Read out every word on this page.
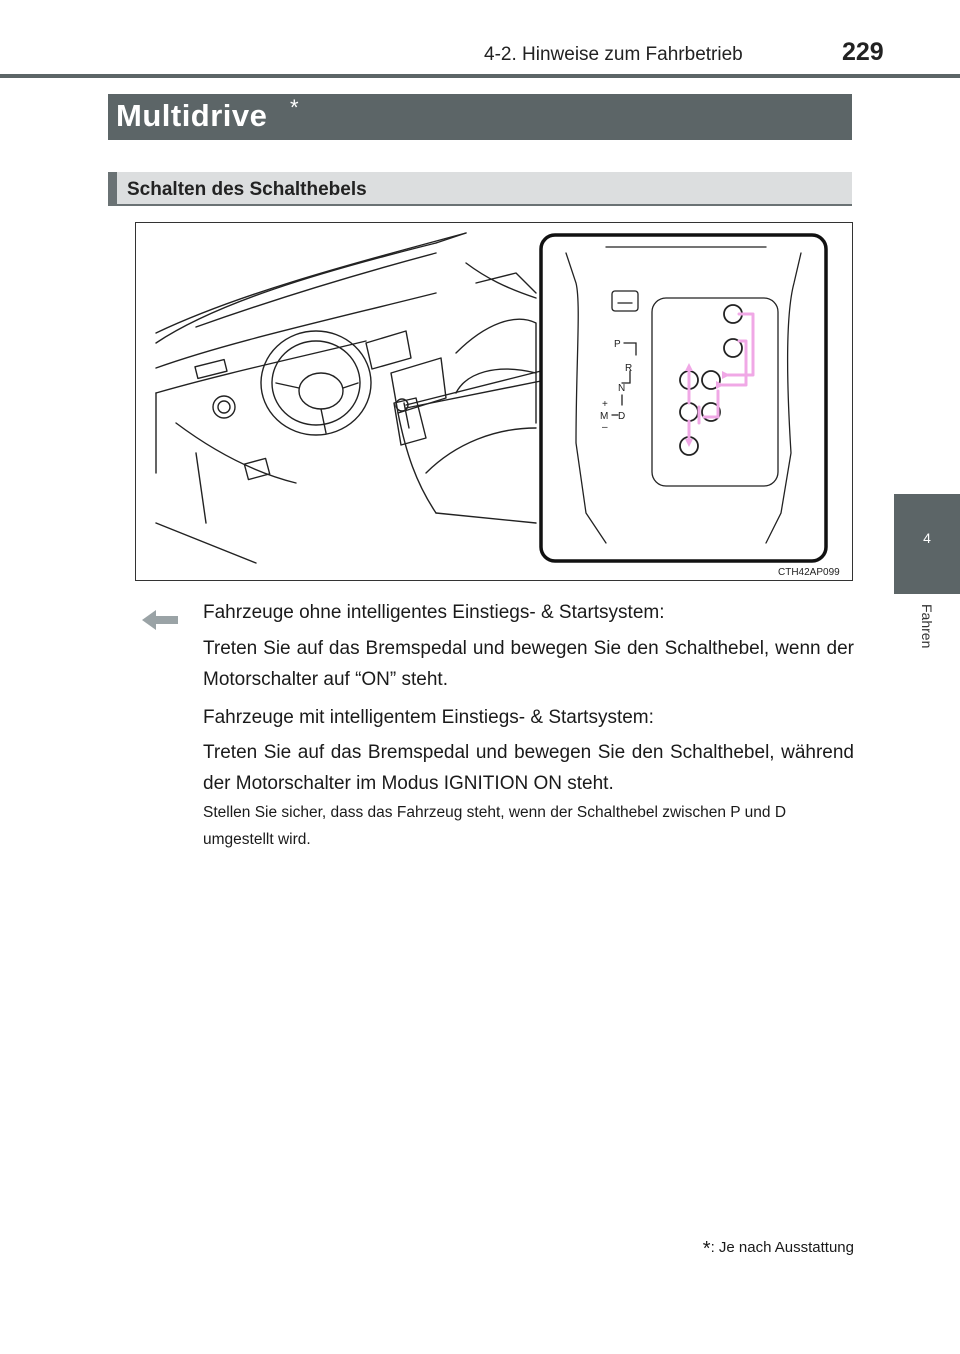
4-2. Hinweise zum Fahrbetrieb	229
Multidrive *
Schalten des Schalthebels
P
R
N
+
M D
–
CTH42AP099
4
Fahren
Fahrzeuge ohne intelligentes Einstiegs- & Startsystem:
Treten Sie auf das Bremspedal und bewegen Sie den Schalthebel, wenn der Motorschalter auf “ON” steht.
Fahrzeuge mit intelligentem Einstiegs- & Startsystem:
Treten Sie auf das Bremspedal und bewegen Sie den Schalthebel, während der Motorschalter im Modus IGNITION ON steht.
Stellen Sie sicher, dass das Fahrzeug steht, wenn der Schalthebel zwischen P und D umgestellt wird.
*: Je nach Ausstattung
